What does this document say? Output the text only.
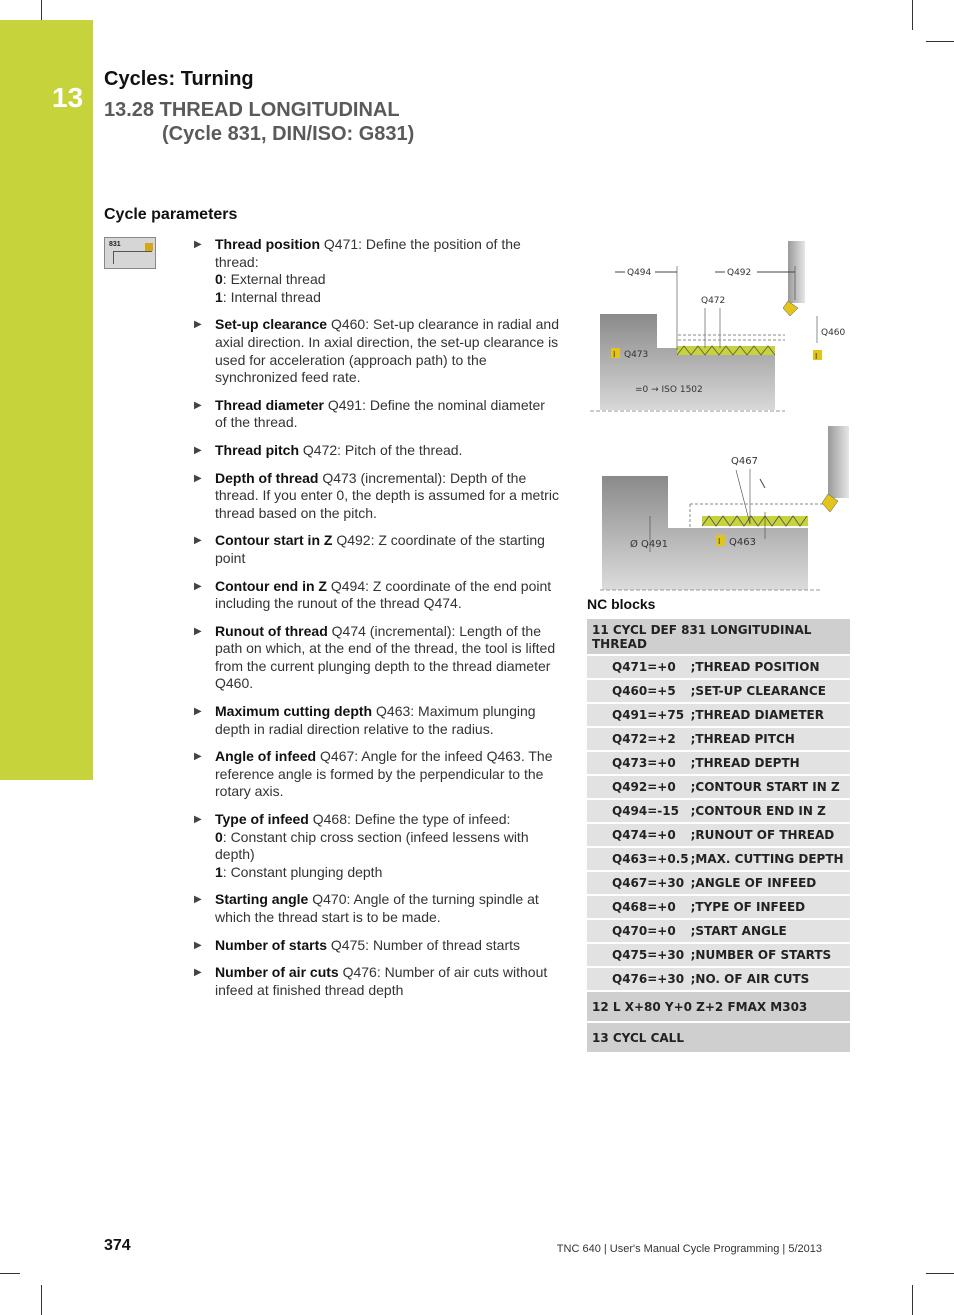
13
Cycles: Turning
13.28 THREAD LONGITUDINAL
(Cycle 831, DIN/ISO: G831)
Cycle parameters
831	▶ Thread position Q471: Define the position of the thread:
0: External thread
1: Internal thread
▶ Set-up clearance Q460: Set-up clearance in radial and axial direction. In axial direction, the set-up clearance is used for acceleration (approach path) to the synchronized feed rate.
▶ Thread diameter Q491: Define the nominal diameter of the thread.
▶ Thread pitch Q472: Pitch of the thread.
▶ Depth of thread Q473 (incremental): Depth of the thread. If you enter 0, the depth is assumed for a metric thread based on the pitch.
▶ Contour start in Z Q492: Z coordinate of the starting point
▶ Contour end in Z Q494: Z coordinate of the end point including the runout of the thread Q474.
▶ Runout of thread Q474 (incremental): Length of the path on which, at the end of the thread, the tool is lifted from the current plunging depth to the thread diameter Q460.
▶ Maximum cutting depth Q463: Maximum plunging depth in radial direction relative to the radius.
▶ Angle of infeed Q467: Angle for the infeed Q463. The reference angle is formed by the perpendicular to the rotary axis.
▶ Type of infeed Q468: Define the type of infeed:
0: Constant chip cross section (infeed lessens with depth)
1: Constant plunging depth
▶ Starting angle Q470: Angle of the turning spindle at which the thread start is to be made.
▶ Number of starts Q475: Number of thread starts
▶ Number of air cuts Q476: Number of air cuts without infeed at finished thread depth
Q494	Q492
Q472
Q460
I
I Q473
=0 → ISO 1502
Q467
Ø Q491	I Q463
NC blocks
11 CYCL DEF 831 LONGITUDINAL THREAD	
Q471=+0	;THREAD POSITION
Q460=+5	;SET-UP CLEARANCE
Q491=+75	;THREAD DIAMETER
Q472=+2	;THREAD PITCH
Q473=+0	;THREAD DEPTH
Q492=+0	;CONTOUR START IN Z
Q494=-15	;CONTOUR END IN Z
Q474=+0	;RUNOUT OF THREAD
Q463=+0.5	;MAX. CUTTING DEPTH
Q467=+30	;ANGLE OF INFEED
Q468=+0	;TYPE OF INFEED
Q470=+0	;START ANGLE
Q475=+30	;NUMBER OF STARTS
Q476=+30	;NO. OF AIR CUTS
12 L X+80 Y+0 Z+2 FMAX M303	
13 CYCL CALL	
374	TNC 640 | User's Manual Cycle Programming | 5/2013
